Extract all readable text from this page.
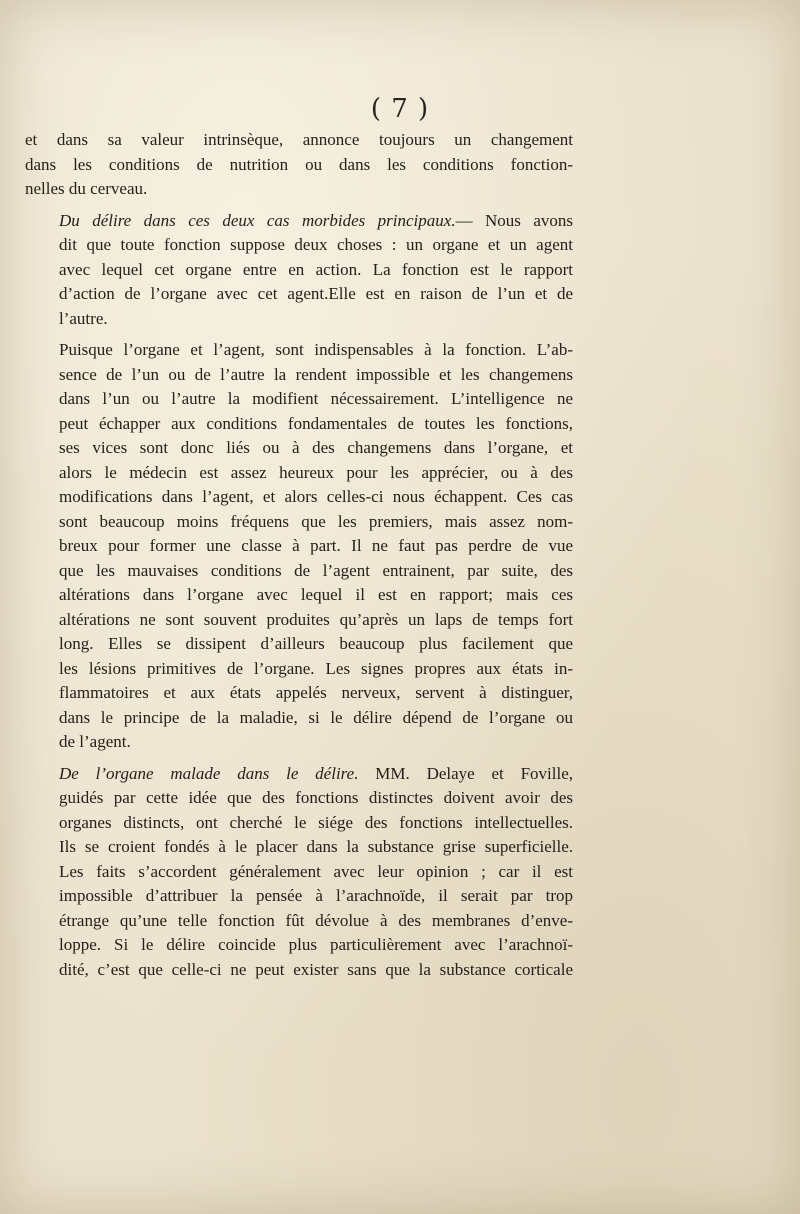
( 7 )

et dans sa valeur intrinsèque, annonce toujours un changement
dans les conditions de nutrition ou dans les conditions fonction-
nelles du cerveau.

Du délire dans ces deux cas morbides principaux.— Nous avons
dit que toute fonction suppose deux choses : un organe et un agent
avec lequel cet organe entre en action. La fonction est le rapport
d’action de l’organe avec cet agent.Elle est en raison de l’un et de
l’autre.

Puisque l’organe et l’agent, sont indispensables à la fonction. L’ab-
sence de l’un ou de l’autre la rendent impossible et les changemens
dans l’un ou l’autre la modifient nécessairement. L’intelligence ne
peut échapper aux conditions fondamentales de toutes les fonctions,
ses vices sont donc liés ou à des changemens dans l’organe, et
alors le médecin est assez heureux pour les apprécier, ou à des
modifications dans l’agent, et alors celles-ci nous échappent. Ces cas
sont beaucoup moins fréquens que les premiers, mais assez nom-
breux pour former une classe à part. Il ne faut pas perdre de vue
que les mauvaises conditions de l’agent entrainent, par suite, des
altérations dans l’organe avec lequel il est en rapport; mais ces
altérations ne sont souvent produites qu’après un laps de temps fort
long. Elles se dissipent d’ailleurs beaucoup plus facilement que
les lésions primitives de l’organe. Les signes propres aux états in-
flammatoires et aux états appelés nerveux, servent à distinguer,
dans le principe de la maladie, si le délire dépend de l’organe ou
de l’agent.

De l’organe malade dans le délire. MM. Delaye et Foville,
guidés par cette idée que des fonctions distinctes doivent avoir des
organes distincts, ont cherché le siége des fonctions intellectuelles.
Ils se croient fondés à le placer dans la substance grise superficielle.
Les faits s’accordent généralement avec leur opinion ; car il est
impossible d’attribuer la pensée à l’arachnoïde, il serait par trop
étrange qu’une telle fonction fût dévolue à des membranes d’enve-
loppe. Si le délire coincide plus particulièrement avec l’arachnoï-
dité, c’est que celle-ci ne peut exister sans que la substance corticale
